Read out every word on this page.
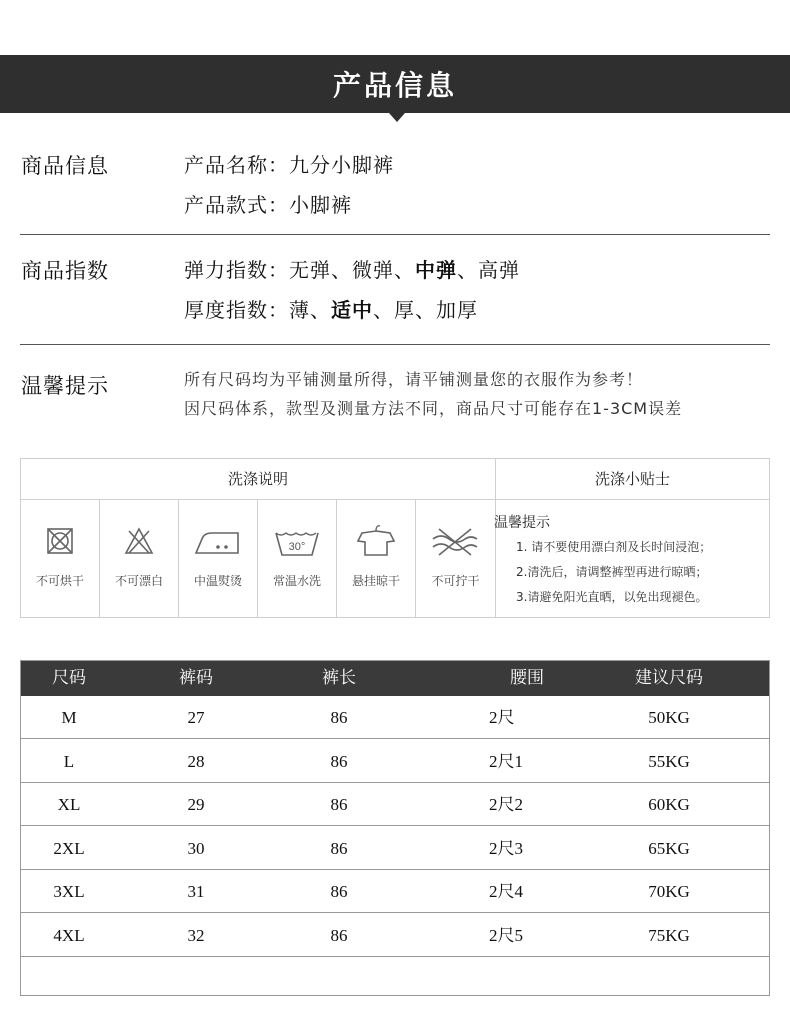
产品信息
商品信息	产品名称：九分小脚裤
产品款式：小脚裤
商品指数	弹力指数：无弹、微弹、中弹、高弹
厚度指数：薄、适中、厚、加厚
温馨提示	所有尺码均为平铺测量所得，请平铺测量您的衣服作为参考！
因尺码体系，款型及测量方法不同，商品尺寸可能存在1-3CM误差
洗涤说明	洗涤小贴士
不可烘干	不可漂白	中温熨烫
30°
常温水洗	悬挂晾干	不可拧干
温馨提示
1. 请不要使用漂白剂及长时间浸泡；
2.清洗后，请调整裤型再进行晾晒；
3.请避免阳光直晒，以免出现褪色。
尺码	裤码	裤长	腰围	建议尺码
M	27	86	2尺	50KG
L	28	86	2尺1	55KG
XL	29	86	2尺2	60KG
2XL	30	86	2尺3	65KG
3XL	31	86	2尺4	70KG
4XL	32	86	2尺5	75KG
